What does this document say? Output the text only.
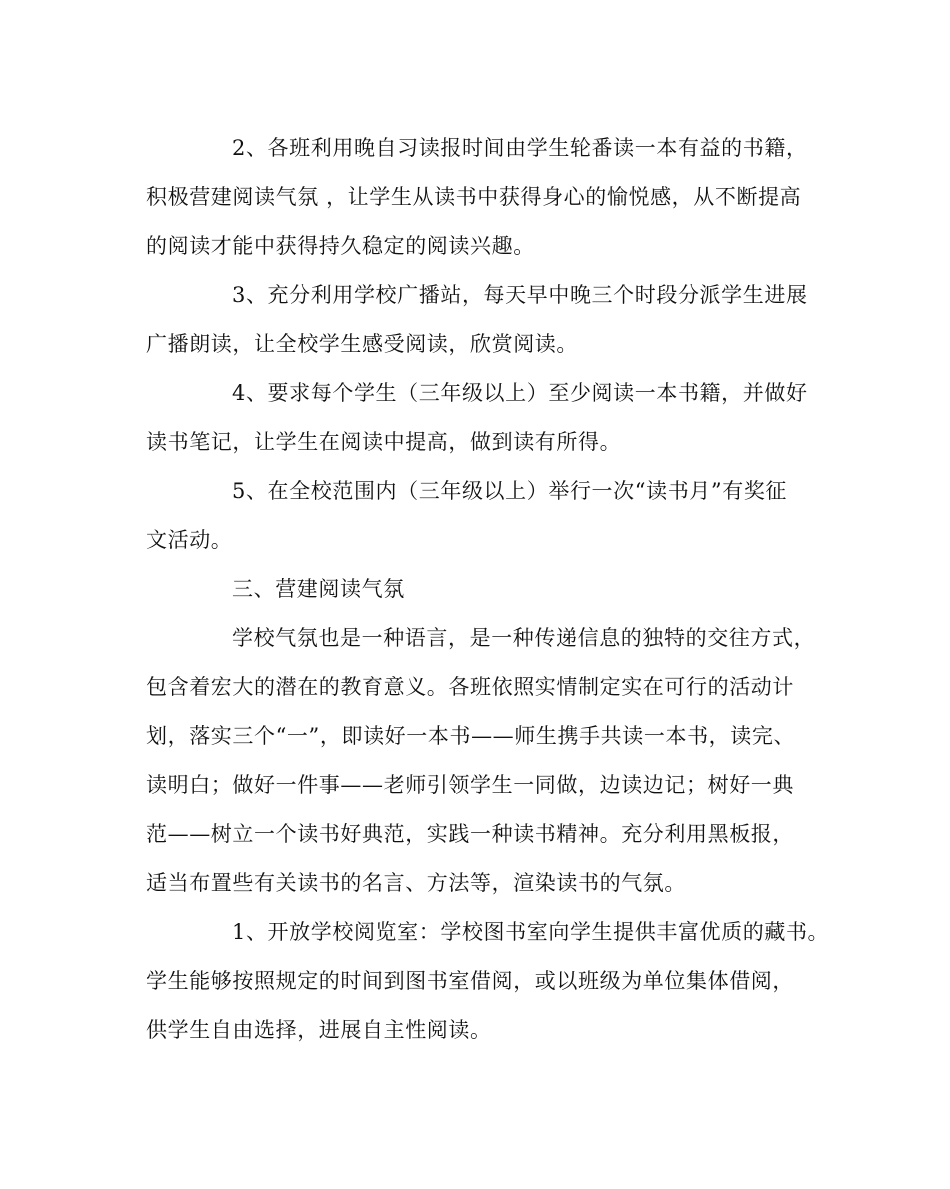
2、各班利用晚自习读报时间由学生轮番读一本有益的书籍，
积极营建阅读气氛 ，让学生从读书中获得身心的愉悦感，从不断提高
的阅读才能中获得持久稳定的阅读兴趣。
3、充分利用学校广播站，每天早中晚三个时段分派学生进展
广播朗读，让全校学生感受阅读，欣赏阅读。
4、要求每个学生（三年级以上）至少阅读一本书籍，并做好
读书笔记，让学生在阅读中提高，做到读有所得。
5、在全校范围内（三年级以上）举行一次“读书月”有奖征
文活动。
三、营建阅读气氛
学校气氛也是一种语言，是一种传递信息的独特的交往方式，
包含着宏大的潜在的教育意义。各班依照实情制定实在可行的活动计
划，落实三个“一”，即读好一本书——师生携手共读一本书，读完、
读明白；做好一件事——老师引领学生一同做，边读边记；树好一典
范——树立一个读书好典范，实践一种读书精神。充分利用黑板报，
适当布置些有关读书的名言、方法等，渲染读书的气氛。
1、开放学校阅览室：学校图书室向学生提供丰富优质的藏书。
学生能够按照规定的时间到图书室借阅，或以班级为单位集体借阅，
供学生自由选择，进展自主性阅读。
